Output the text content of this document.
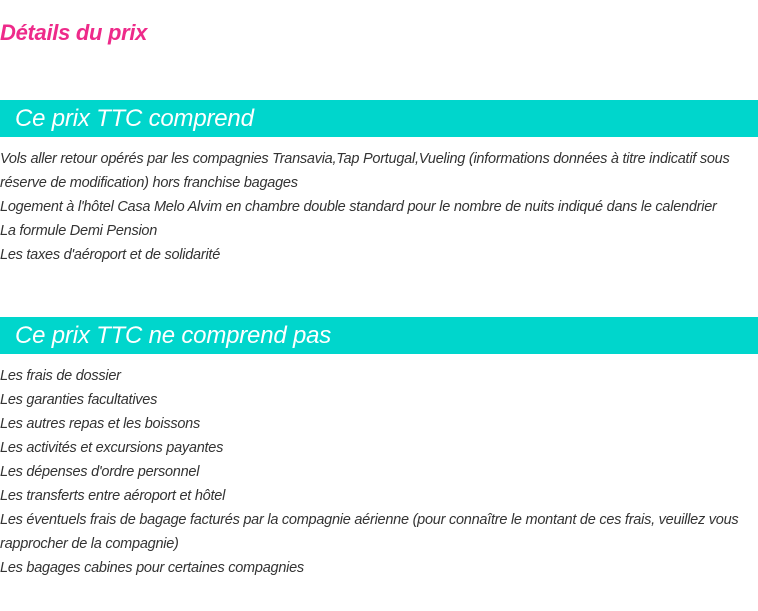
Détails du prix
Ce prix TTC comprend
Vols aller retour opérés par les compagnies Transavia,Tap Portugal,Vueling (informations données à titre indicatif sous réserve de modification) hors franchise bagages
Logement à l'hôtel Casa Melo Alvim en chambre double standard pour le nombre de nuits indiqué dans le calendrier
La formule Demi Pension
Les taxes d'aéroport et de solidarité
Ce prix TTC ne comprend pas
Les frais de dossier
Les garanties facultatives
Les autres repas et les boissons
Les activités et excursions payantes
Les dépenses d'ordre personnel
Les transferts entre aéroport et hôtel
Les éventuels frais de bagage facturés par la compagnie aérienne (pour connaître le montant de ces frais, veuillez vous rapprocher de la compagnie)
Les bagages cabines pour certaines compagnies
